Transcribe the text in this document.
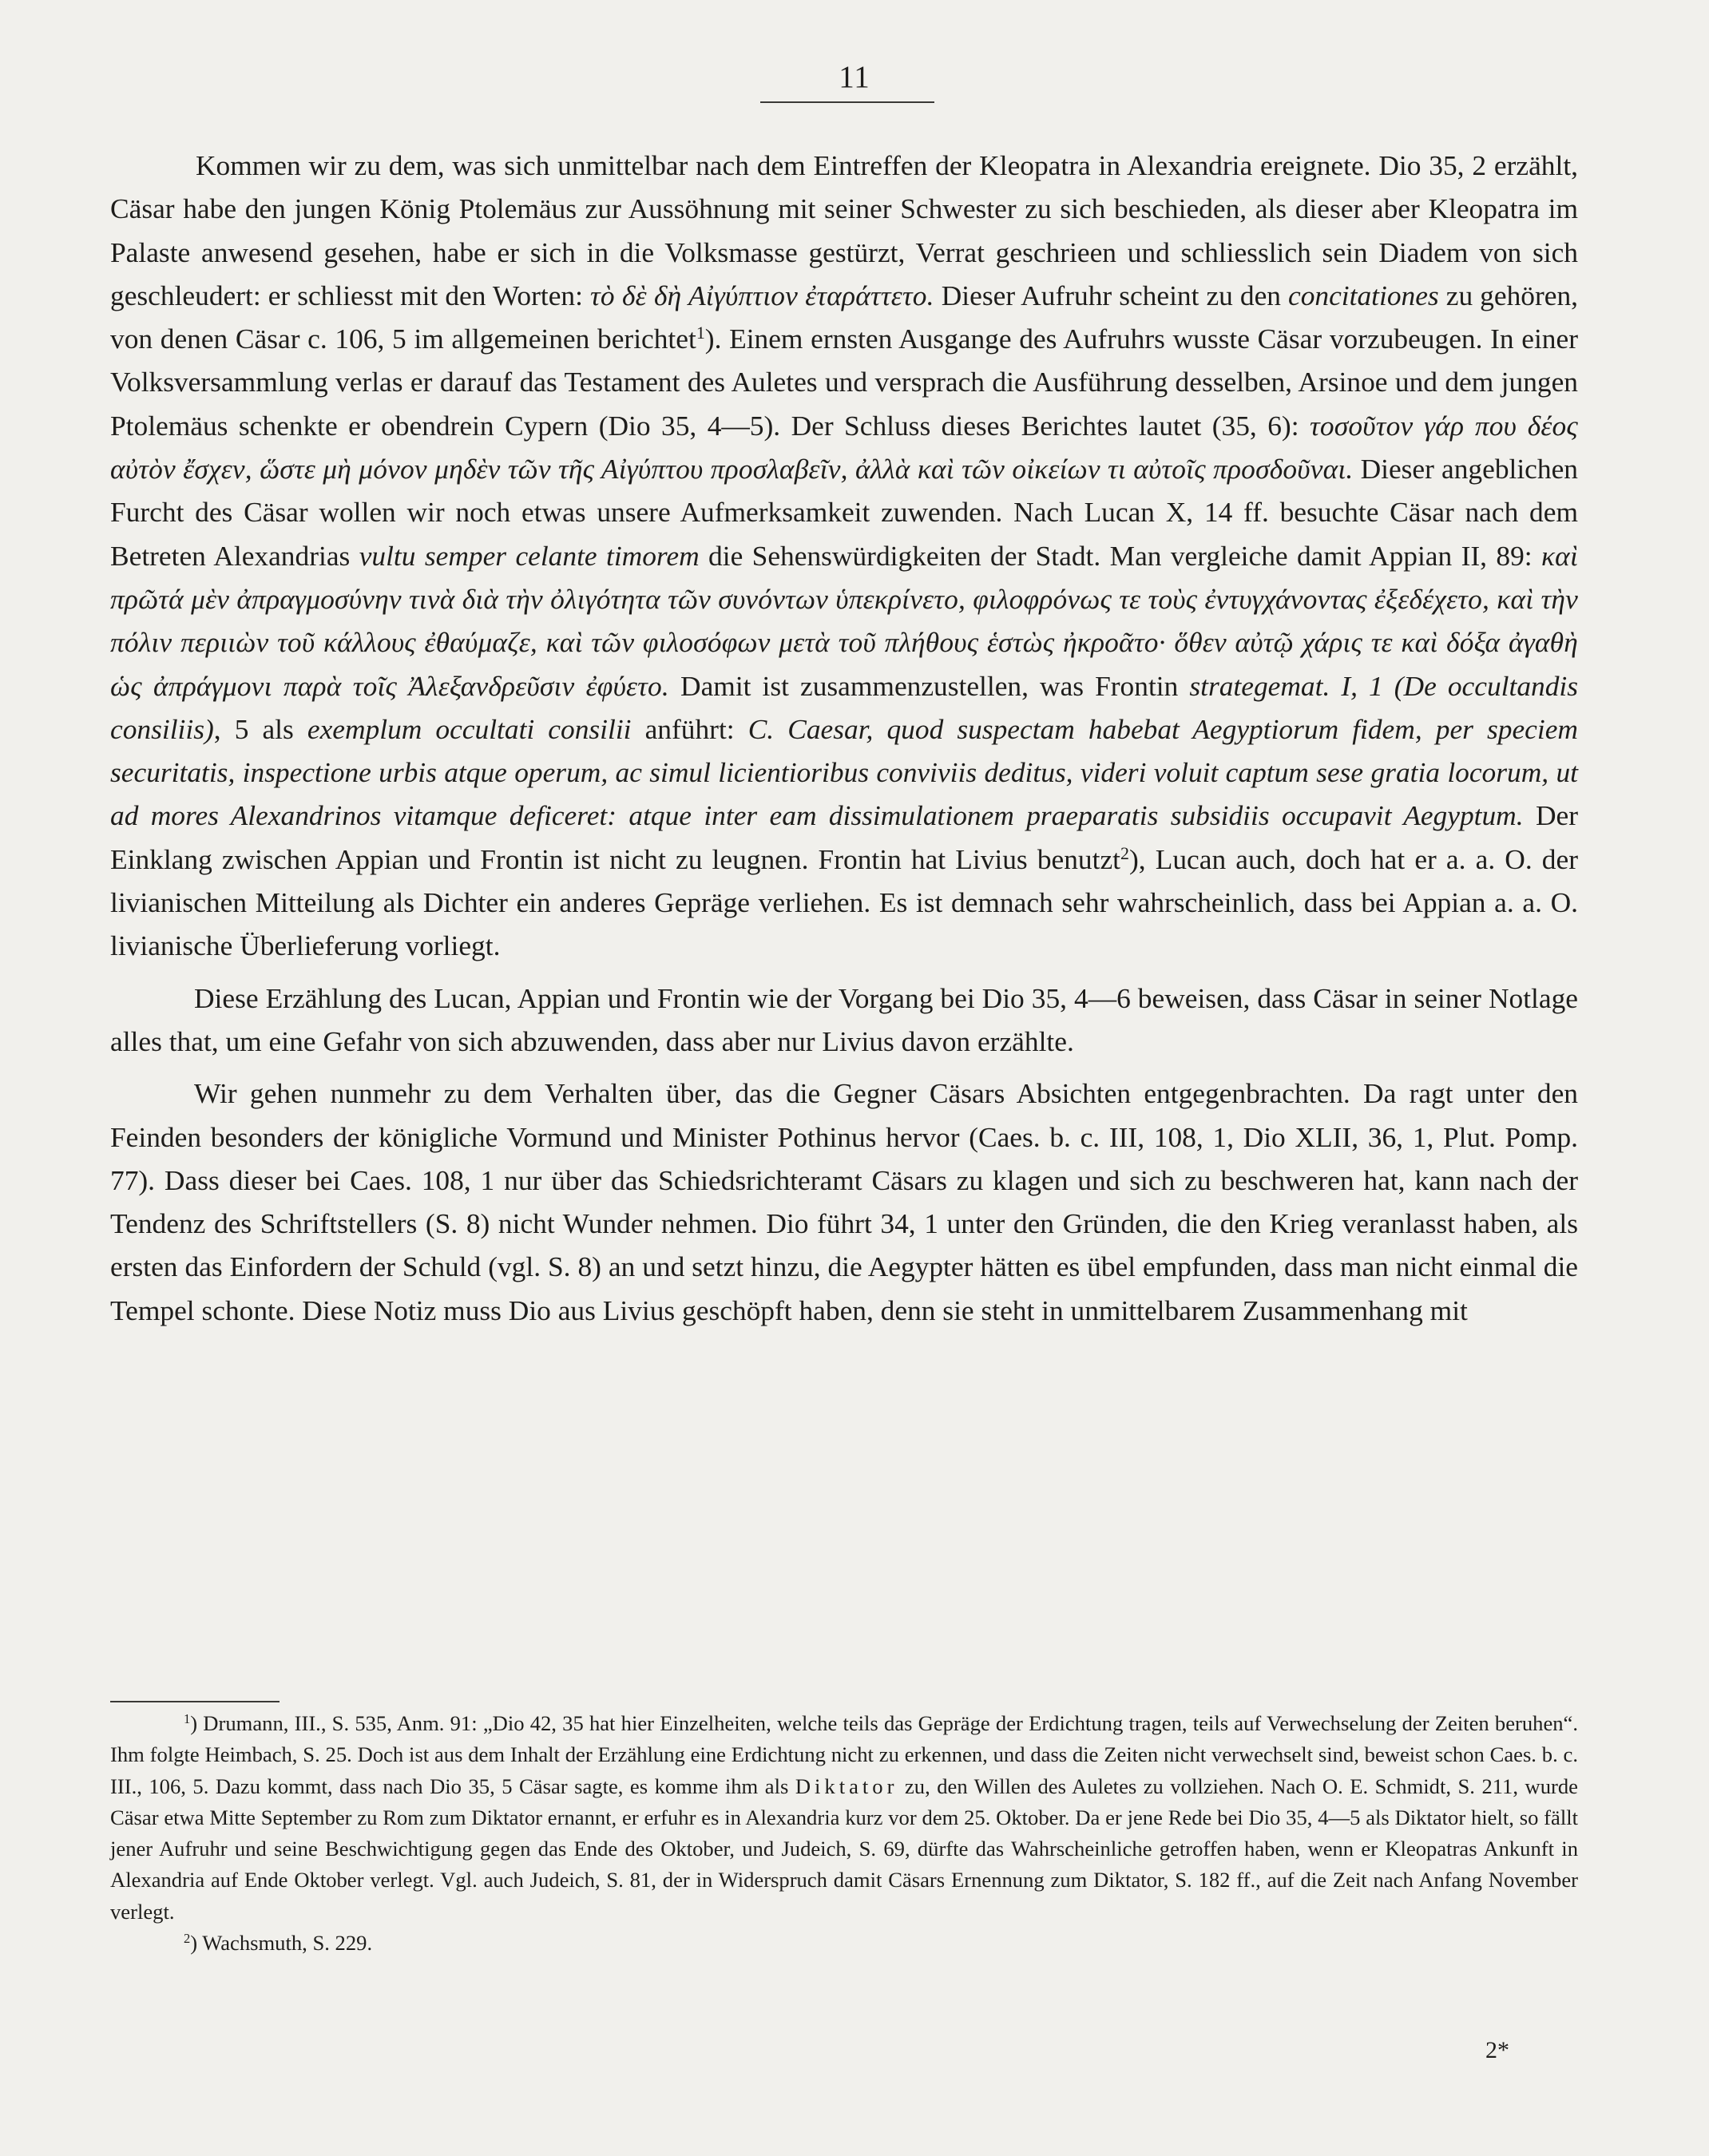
11

Kommen wir zu dem, was sich unmittelbar nach dem Eintreffen der Kleopatra in Alexandria ereignete. Dio 35, 2 erzählt, Cäsar habe den jungen König Ptolemäus zur Aussöhnung mit seiner Schwester zu sich beschieden, als dieser aber Kleopatra im Palaste anwesend gesehen, habe er sich in die Volksmasse gestürzt, Verrat geschrieen und schliesslich sein Diadem von sich geschleudert: er schliesst mit den Worten: τὸ δὲ δὴ Αἰγύπτιον ἐταράττετο. Dieser Aufruhr scheint zu den concitationes zu gehören, von denen Cäsar c. 106, 5 im allgemeinen berichtet$^1$). Einem ernsten Ausgange des Aufruhrs wusste Cäsar vorzubeugen. In einer Volksversammlung verlas er darauf das Testament des Auletes und versprach die Ausführung desselben, Arsinoe und dem jungen Ptolemäus schenkte er obendrein Cypern (Dio 35, 4—5). Der Schluss dieses Berichtes lautet (35, 6): τοσοῦτον γάρ που δέος αὐτὸν ἔσχεν, ὥστε μὴ μόνον μηδὲν τῶν τῆς Αἰγύπτου προσλαβεῖν, ἀλλὰ καὶ τῶν οἰκείων τι αὐτοῖς προσδοῦναι. Dieser angeblichen Furcht des Cäsar wollen wir noch etwas unsere Aufmerksamkeit zuwenden. Nach Lucan X, 14 ff. besuchte Cäsar nach dem Betreten Alexandrias vultu semper celante timorem die Sehenswürdigkeiten der Stadt. Man vergleiche damit Appian II, 89: καὶ πρῶτά μὲν ἀπραγμοσύνην τινὰ διὰ τὴν ὀλιγότητα τῶν συνόντων ὑπεκρίνετο, φιλοφρόνως τε τοὺς ἐντυγχάνοντας ἐξεδέχετο, καὶ τὴν πόλιν περιιὼν τοῦ κάλλους ἐθαύμαζε, καὶ τῶν φιλοσόφων μετὰ τοῦ πλήθους ἑστὼς ἠκροᾶτο· ὅθεν αὐτῷ χάρις τε καὶ δόξα ἀγαθὴ ὡς ἀπράγμονι παρὰ τοῖς Ἀλεξανδρεῦσιν ἐφύετο. Damit ist zusammenzustellen, was Frontin strategemat. I, 1 (De occultandis consiliis), 5 als exemplum occultati consilii anführt: C. Caesar, quod suspectam habebat Aegyptiorum fidem, per speciem securitatis, inspectione urbis atque operum, ac simul licientioribus conviviis deditus, videri voluit captum sese gratia locorum, ut ad mores Alexandrinos vitamque deficeret: atque inter eam dissimulationem praeparatis subsidiis occupavit Aegyptum. Der Einklang zwischen Appian und Frontin ist nicht zu leugnen. Frontin hat Livius benutzt$^2$), Lucan auch, doch hat er a. a. O. der livianischen Mitteilung als Dichter ein anderes Gepräge verliehen. Es ist demnach sehr wahrscheinlich, dass bei Appian a. a. O. livianische Überlieferung vorliegt.

Diese Erzählung des Lucan, Appian und Frontin wie der Vorgang bei Dio 35, 4—6 beweisen, dass Cäsar in seiner Notlage alles that, um eine Gefahr von sich abzuwenden, dass aber nur Livius davon erzählte.

Wir gehen nunmehr zu dem Verhalten über, das die Gegner Cäsars Absichten entgegenbrachten. Da ragt unter den Feinden besonders der königliche Vormund und Minister Pothinus hervor (Caes. b. c. III, 108, 1, Dio XLII, 36, 1, Plut. Pomp. 77). Dass dieser bei Caes. 108, 1 nur über das Schiedsrichteramt Cäsars zu klagen und sich zu beschweren hat, kann nach der Tendenz des Schriftstellers (S. 8) nicht Wunder nehmen. Dio führt 34, 1 unter den Gründen, die den Krieg veranlasst haben, als ersten das Einfordern der Schuld (vgl. S. 8) an und setzt hinzu, die Aegypter hätten es übel empfunden, dass man nicht einmal die Tempel schonte. Diese Notiz muss Dio aus Livius geschöpft haben, denn sie steht in unmittelbarem Zusammenhang mit

$^1$) Drumann, III., S. 535, Anm. 91: „Dio 42, 35 hat hier Einzelheiten, welche teils das Gepräge der Erdichtung tragen, teils auf Verwechselung der Zeiten beruhen“. Ihm folgte Heimbach, S. 25. Doch ist aus dem Inhalt der Erzählung eine Erdichtung nicht zu erkennen, und dass die Zeiten nicht verwechselt sind, beweist schon Caes. b. c. III., 106, 5. Dazu kommt, dass nach Dio 35, 5 Cäsar sagte, es komme ihm als Diktator zu, den Willen des Auletes zu vollziehen. Nach O. E. Schmidt, S. 211, wurde Cäsar etwa Mitte September zu Rom zum Diktator ernannt, er erfuhr es in Alexandria kurz vor dem 25. Oktober. Da er jene Rede bei Dio 35, 4—5 als Diktator hielt, so fällt jener Aufruhr und seine Beschwichtigung gegen das Ende des Oktober, und Judeich, S. 69, dürfte das Wahrscheinliche getroffen haben, wenn er Kleopatras Ankunft in Alexandria auf Ende Oktober verlegt. Vgl. auch Judeich, S. 81, der in Widerspruch damit Cäsars Ernennung zum Diktator, S. 182 ff., auf die Zeit nach Anfang November verlegt.

$^2$) Wachsmuth, S. 229.

2*
